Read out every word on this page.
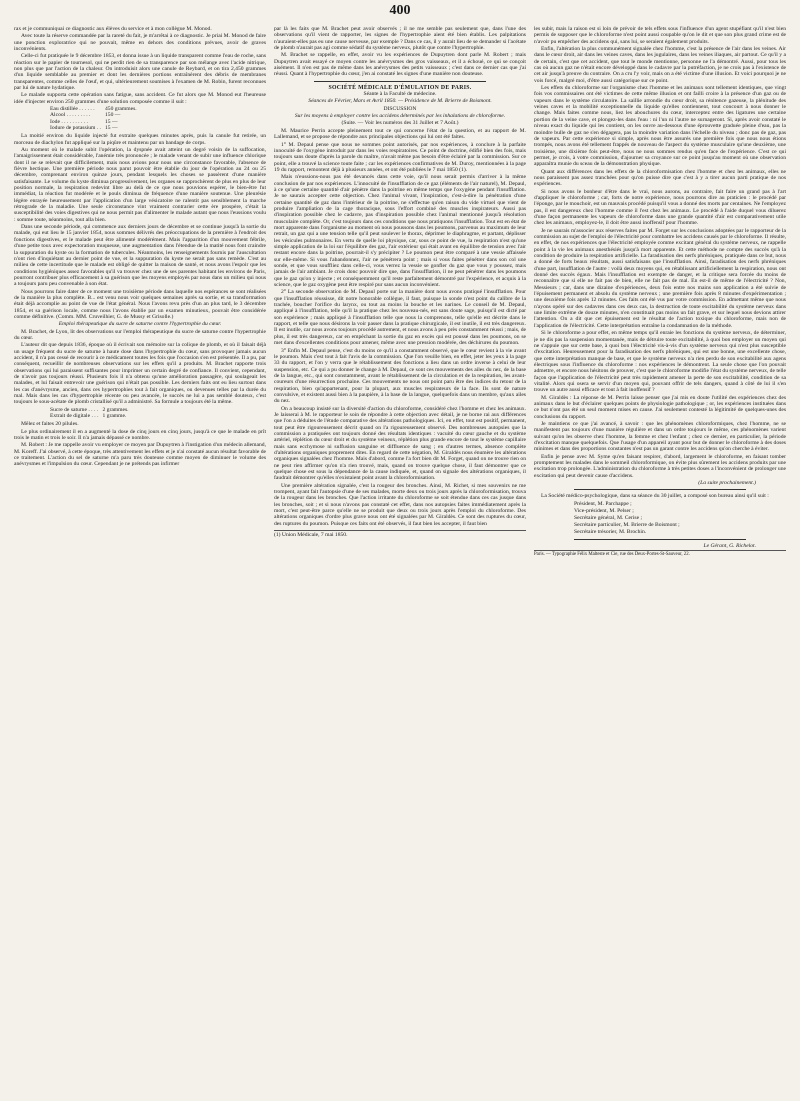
400

rax et je communiquai ce diagnostic aux élèves du service et à mon collègue M. Monod.

Avec toute la réserve commandée par la rareté du fait, je m'arrêtai à ce diagnostic. Je priai M. Monod de faire une ponction exploratrice qui ne pouvait, même en dehors des conditions prévues, avoir de graves inconvénients.

Celle-ci fut pratiquée le 9 décembre 1853, et donna issue à un liquide transparent comme l'eau de roche, sans réaction sur le papier de tournesol, qui ne perdit rien de sa transparence par son mélange avec l'acide nitrique, non plus que par l'action de la chaleur. On introduisit alors une canule de Reybard, et on tira 2,450 grammes d'un liquide semblable au premier et dont les dernières portions entraînèrent des débris de membranes transparentes, comme celles de l'œuf, et qui, ultérieurement soumises à l'examen de M. Robin, furent reconnues par lui de nature hydatique.

Le malade supporta cette opération sans fatigue, sans accident. Ce fut alors que M. Monod eut l'heureuse idée d'injecter environ 250 grammes d'une solution composée comme il suit :

Eau distillée . . . . . .	450 grammes.
Alcool . . . . . . . . .	150 —
Iode . . . . . . . . . .	15 —
Iodure de potassium . .	15 —

La moitié environ du liquide injecté fut extraite quelques minutes après, puis la canule fut retirée, un morceau de diachylon fut appliqué sur la piqûre et maintenu par un bandage de corps.

Au moment où le malade subit l'opération, la dyspnée avait atteint un degré voisin de la suffocation, l'amaigrissement était considérable, l'anémie très prononcée ; le malade venant de subir une influence chlorique dont il ne se relevait que difficilement, mais nous avions pour nous une circonstance favorable, l'absence de fièvre hectique. Une première période nous parut pouvoir être établie du jour de l'opération au 24 ou 25 décembre, comprenant environ quinze jours, pendant lesquels les choses se passèrent d'une manière satisfaisante. Le volume du kyste diminua progressivement, les organes se rapprochèrent de plus en plus de leur position normale, la respiration redevint libre au delà de ce que nous pouvions espérer, le bien-être fut immédiat, la réaction fut modérée et le pouls diminua de fréquence d'une manière soutenue. Une pleurésie légère enrayée heureusement par l'application d'un large vésicatoire ne ralentit pas sensiblement la marche rétrograde de la maladie. Une seule circonstance vint vraiment contrarier cette ère prospère, c'était la susceptibilité des voies digestives qui ne nous permit pas d'alimenter le malade autant que nous l'eussions voulu : somme toute, néanmoins, tout alla bien.

Dans une seconde période, qui commence aux derniers jours de décembre et se continue jusqu'à la sortie du malade, qui eut lieu le 15 janvier 1854, nous sommes délivrés des préoccupations de la première à l'endroit des fonctions digestives, et le malade peut être alimenté modérément. Mais l'apparition d'un mouvement fébrile, d'une petite toux avec expectoration muqueuse, une augmentation dans l'étendue de la matité nous font craindre la suppuration du kyste ou la formation de tubercules. Néanmoins, les renseignements fournis par l'auscultation n'ont rien d'inquiétant au dernier point de vue, et la suppuration du kyste ne serait pas sans remède. C'est au milieu de cette incertitude que le malade est obligé de quitter la maison de santé, et nous avons l'espoir que les conditions hygiéniques assez favorables qu'il va trouver chez une de ses parentes habitant les environs de Paris, pourront contribuer plus efficacement à sa guérison que les moyens employés par nous dans un milieu qui nous a toujours paru peu convenable à son état.

Nous pourrons faire dater de ce moment une troisième période dans laquelle nos espérances se sont réalisées de la manière la plus complète. B... est venu nous voir quelques semaines après sa sortie, et sa transformation était déjà accomplie au point de vue de l'état général. Nous l'avons revu près d'un an plus tard, le 3 décembre 1854, et sa guérison locale, comme nous l'avons établie par un examen minutieux, pouvait être considérée comme définitive. (Comm. MM. Cruveilhier, G. de Mussy et Grisolle.)

Emploi thérapeutique du sucre de saturne contre l'hypertrophie du cœur.

M. Brachet, de Lyon, lit des observations sur l'emploi thérapeutique du sucre de saturne contre l'hypertrophie du cœur.

L'auteur dit que depuis 1836, époque où il écrivait son mémoire sur la colique de plomb, et où il faisait déjà un usage fréquent du sucre de saturne à haute dose dans l'hypertrophie du cœur, sans provoquer jamais aucun accident, il n'a pas cessé de recourir à ce médicament toutes les fois que l'occasion s'en est présentée. Il a pu, par conséquent, recueillir de nombreuses observations sur les effets qu'il a produits. M. Brachet rapporte trois observations qui lui paraissent suffisantes pour imprimer un certain degré de confiance. Il convient, cependant, de n'avoir pas toujours réussi. Plusieurs fois il n'a obtenu qu'une amélioration passagère, qui soulageait les malades, et lui faisait entrevoir une guérison qui n'était pas possible. Les derniers faits ont eu lieu surtout dans les cas d'anévrysme, ancien, dans ces hypertrophies tout à fait organiques, ou devenues telles par la durée du mal. Mais dans les cas d'hypertrophie récente ou peu avancée, le succès ne lui a pas semblé douteux, c'est toujours le sous-acétate de plomb cristallisé qu'il a administré. Sa formule a toujours été la même.

Sucre de saturne . . . .	2 grammes.
Extrait de digitale . . .	1 gramme.

Mêlez et faites 20 pilules.

Le plus ordinairement il en a augmenté la dose de cinq jours en cinq jours, jusqu'à ce que le malade en prît trois le matin et trois le soir. Il n'a jamais dépassé ce nombre.

M. Robert : Je me rappelle avoir vu employer ce moyen par Dupuytren à l'instigation d'un médecin allemand, M. Koreff. J'ai observé, à cette époque, très attentivement les effets et je n'ai constaté aucun résultat favorable de ce traitement. L'action du sel de saturne m'a paru très douteuse comme moyen de diminuer le volume des anévrysmes et l'impulsion du cœur. Cependant je ne prétends pas infirmer

par là les faits que M. Brachet peut avoir observés ; il ne me semble pas seulement que, dans l'une des observations qu'il vient de rapporter, les signes de l'hypertrophie aient été bien établis. Les palpitations n'auraient-elles pas eu une cause nerveuse, par exemple ? Dans ce cas, il y aurait lieu de se demander si l'acétate de plomb n'aurait pas agi comme sédatif du système nerveux, plutôt que contre l'hypertrophie.

M. Brachet se rappelle, en effet, avoir vu les expériences de Dupuytren dont parle M. Robert ; mais Dupuytren avait essayé ce moyen contre les anévrysmes des gros vaisseaux, et il a échoué, ce qui se conçoit aisément. Il n'en est pas de même dans les anévrysmes des petits vaisseaux ; c'est dans ce dernier cas que j'ai réussi. Quant à l'hypertrophie du cœur, j'en ai constaté les signes d'une manière non douteuse.

SOCIÉTÉ MÉDICALE D'ÉMULATION DE PARIS.

Séante à la Faculté de médecine.

Séances de Février, Mars et Avril 1850. — Présidence de M. Brierre de Boismont.

DISCUSSION

Sur les moyens à employer contre les accidens déterminés par les inhalations de chloroforme.

(Suite. — Voir les numéros des 31 Juillet et 7 Août.)

M. Maurice Perrin accepte pleinement tout ce qui concerne l'état de la question, et au rapport de M. Lallemand, et se propose de répondre aux principales objections qui lui ont été faites.

1° M. Depaul pense que nous ne sommes point autorisés, par nos expériences, à conclure à la parfaite innocuité de l'oxygène introduit par dans les voies respiratoires. Ce point de doctrine, édifié bien des fois, mais toujours sans doute d'après la parole du maître, n'avait même pas besoin d'être éclairé par la commission. Sur ce point, elle a trouvé la science toute faite ; car les expériences confirmatives de M. Duroy, mentionnées à la page 19 du rapport, remontent déjà à plusieurs années, et ont été publiées le 7 mai 1850 (1).

Mais n'eussions-nous pas été devancés dans cette voie, qu'il nous serait permis d'arriver à la même conclusion de par nos expériences. L'innocuité de l'insufflation de ce gaz (éléments de l'air naturel), M. Depaul, à ce qu'une certaine quantité d'air pénètre dans la poitrine en même temps que l'oxygène pendant l'insufflation. Je ne saurais accepter cette objection. Chez l'animal vivant, l'inspiration, c'est-à-dire la pénétration d'une certaine quantité de gaz dans l'intérieur de la poitrine, ne s'effectue qu'en raison du vide virtuel que vient de produire l'ampliation de la cage thoracique, sous l'effort combiné des muscles inspirateurs. Aussi pas d'inspiration possible chez le cadavre, pas d'inspiration possible chez l'animal mentionné jusqu'à résolution musculaire complète. Or, c'est toujours dans ces conditions que nous pratiquons l'insufflation. Tout est en état de mort apparente dans l'organisme au moment où nous poussons dans les poumons, parvenus au maximum de leur retrait, un gaz qui a une tension telle qu'il peut soulever le thorax, déprimer le diaphragme, et partant, déplisser les vésicules pulmonaires. En vertu de quelle loi physique, car, sous ce point de vue, la respiration n'est qu'une simple application de la loi sur l'équilibre des gaz, l'air extérieur qui était avant en équilibre de tension avec l'air restant encore dans la poitrine, pourrait-il s'y précipiter ? Le poumon peut être comparé à une vessie affaissée sur elle-même. Si vous l'abandonnez, l'air ne pénétrera point ; mais si vous faites pénétrer dans son col une sonde, et que vous souffliez dans celle-ci, vous verrez la vessie se gonfler du gaz que vous y poussez, mais jamais de l'air ambiant. Je crois donc pouvoir dire que, dans l'insufflation, il ne peut pénétrer dans les poumons que le gaz qu'on y injecte ; et conséquemment qu'il reste parfaitement démontré par l'expérience, et acquis à la science, que le gaz oxygène peut être respiré pur sans aucun inconvénient.

2° La seconde observation de M. Depaul porte sur la manière dont nous avons pratiqué l'insufflation. Pour que l'insufflation réussisse, dit notre honorable collègue, il faut, puisque la sonde n'est point du calibre de la trachée, boucher l'orifice du larynx, ou tout au moins la bouche et les narines. Le conseil de M. Depaul, appliqué à l'insufflation, telle qu'il la pratique chez les nouveau-nés, est sans doute sage, puisqu'il est dicté par son expérience ; mais appliqué à l'insufflation telle que nous la comprenons, telle qu'elle est décrite dans le rapport, et telle que nous désirons la voir passer dans la pratique chirurgicale, il est inutile, il est très dangereux. Il est inutile, car nous avons toujours procédé autrement, et nous avons à peu près constamment réussi ; mais, de plus, il est très dangereux, car en empêchant la sortie du gaz en excès qui est poussé dans les poumons, on se met dans d'excellentes conditions pour amener, même avec une pression modérée, des déchirures du poumon.

3° Enfin M. Depaul pense, c'est du moins ce qu'il a constamment observé, que le cœur revient à la vie avant le poumon. Mais c'est tout à fait l'avis de la commission. Que l'on veuille bien, en effet, jeter les yeux à la page 33 du rapport, et l'on y verra que le rétablissement des fonctions a lieu dans un ordre inverse à celui de leur suspension, etc. Ce qui a pu donner le change à M. Depaul, ce sont ces mouvements des ailes du nez, de la base de la langue, etc., qui sont constamment, avant le rétablissement de la circulation et de la respiration, les avant-coureurs d'une résurrection prochaine. Ces mouvements ne nous ont point paru être des indices du retour de la respiration, bien qu'appartenant, pour la plupart, aux muscles respirateurs de la face. Ils sont de nature convulsive, et existent aussi bien à la paupière, à la base de la langue, quelquefois dans un membre, qu'aux ailes du nez.

On a beaucoup insisté sur la diversité d'action du chloroforme, considéré chez l'homme et chez les animaux. Je laisserai à M. le rapporteur le soin de répondre à cette objection avec détail, je ne borne rai aux différences que l'on a déduites de l'étude comparative des altérations pathologiques. Ici, en effet, tout est positif, permanent, tout peut être rigoureusement décrit quand on l'a rigoureusement observé. Des nombreuses autopsies que la commission a pratiquées ont toujours donné des résultats identiques : vacuité du cœur gauche et du système artériel, réplétion du cœur droit et du système veineux, réplétion plus grande encore de tout le système capillaire mais sans ecchymose ni suffusion sanguine et diffluence de sang ; en d'autres termes, absence complète d'altérations organiques proprement dites. En regard de cette négation, M. Giraldès nous énumère les altérations organiques signalées chez l'homme. Mais d'abord, comme l'a fort bien dit M. Forget, quand on ne trouve rien on ne peut rien affirmer qu'on n'a rien trouvé, mais, quand on trouve quelque chose, il faut démontrer que ce quelque chose est sous la dépendance de la cause indiquée, et, quand on signale des altérations organiques, il faudrait démontrer qu'elles n'existaient point avant la chloroformisation.

Une première altération signalée, c'est la rougeur des bronches. Ainsi, M. Richet, si mes souvenirs ne me trompent, ayant fait l'autopsie d'une de ses malades, morte deux ou trois jours après la chloroformisation, trouva de la rougeur dans les bronches. Que l'action irritante du chloroforme se soit étendue dans ces cas jusque dans les bronches, soit ; et si nous n'avons pas constaté cet effet, dans nos autopsies faites immédiatement après la mort, c'est peut-être parce qu'elle ne se produit que deux ou trois jours après l'emploi du chloroforme. Des altérations organiques d'ordre plus grave nous ont été signalées par M. Giraldès. Ce sont des ruptures du cœur, des ruptures du poumon. Puisque ces faits ont été observés, il faut bien les accepter, il faut bien

(1) Union Médicale, 7 mai 1850.

les subir, mais la raison est si loin de prévoir de tels effets sous l'influence d'un agent stupéfiant qu'il n'est bien permis de supposer que le chloroforme n'est point aussi coupable qu'on le dit et que son plus grand crime est de n'avoir pu empêcher des accidens qui, sans lui, se seraient également produits.

Enfin, l'altération la plus communément signalée chez l'homme, c'est la présence de l'air dans les veines. Air dans le cœur droit, air dans les veines caves, dans les jugulaires, dans les veines iliaques, air partout. Ce qu'il y a de certain, c'est que cet accident, que tout le monde mentionne, personne ne l'a démontré. Aussi, pour tous les cas où aucun gaz ne n'était encore développé dans le cadavre par la putréfaction, je ne crois pas à l'existence de cet air jusqu'à preuve du contraire. On a cru l'y voir, mais on a été victime d'une illusion. Et voici pourquoi je ne vois forcé, malgré moi, d'être aussi catégorique sur ce point.

Les effets du chloroforme sur l'organisme chez l'homme et les animaux sont tellement identiques, que vingt fois vos commissaires ont été victimes de cette même illusion et ont failli croire à la présence d'un gaz ou de vapeurs dans le système circulatoire. La saillie arrondie du cœur droit, sa rénitence gazeuse, la plénitude des veines caves et la mobilité exceptionnelle du liquide qu'elles contiennent, tout concourt à nous donner le change. Mais faites comme nous, liez les abouchures du cœur, interceptez entre des ligatures une certaine portion de la veine cave, et plongez-les dans l'eau : ni l'un ni l'autre ne surnageront. Si, après avoir constaté le niveau exact du liquide qui les contient, on les ouvre au-dessous d'une éprouvette graduée pleine d'eau, pas la moindre bulle de gaz ne s'en dégagera, pas la moindre variation dans l'échelle du niveau ; donc pas de gaz, pas de vapeurs. Par cette expérience si simple, après nous être assurés une première fois que nous nous étions trompés, nous avons été tellement frappés de nouveau de l'aspect du système musculaire qu'une deuxième, une troisième, une dixième fois peut-être, nous ne nous sommes rendus qu'en face de l'expérience. C'est ce qui permet, je crois, à votre commission, d'ajourner sa croyance sur ce point jusqu'au moment où une observation apparaîtra munie du sceau de la démonstration physique.

Quant aux différences dans les effets de la chloroformisation chez l'homme et chez les animaux, elles ne nous paraissent pas assez tranchées pour qu'on puisse dire que c'est à y a tirer aucun parti pratique de nos expériences.

Si nous avons le bonheur d'être dans le vrai, nous aurons, au contraire, fait faire un grand pas à l'art d'appliquer le chloroforme ; car, forts de notre expérience, nous pourrons dire au praticien : le procédé par l'éponge, par le mouchoir, est un mauvais procédé puisqu'il vous a donné des morts par centaines. Ne l'employez pas, il est dangereux chez l'homme comme il l'est chez les animaux. Le procédé à l'aide duquel vous diluerez d'une façon permanente les vapeurs de chloroforme dans une grande quantité d'air est comparativement utile chez les animaux, employez-le, il doit être aussi inoffensif pour l'homme.

Je ne saurais m'associer aux réserves faites par M. Forget sur les conclusions adoptées par le rapporteur de la commission au sujet de l'emploi de l'électricité pour combattre les accidens causés par le chloroforme. Il résulte, en effet, de nos expériences que l'électricité employée comme excitant général du système nerveux, ne rappelle point à la vie les animaux anesthésiés jusqu'à mort apparente. Et cette méthode ne compte des succès qu'à la condition de produire la respiration artificielle. La faradisation des nerfs phréniques, pratiquée dans ce but, nous a donné de forts beaux résultats, aussi satisfaisans que l'insufflation. Ainsi, faradisation des nerfs phréniques d'une part, insufflation de l'autre : voilà deux moyens qui, en rétablissant artificiellement la respiration, nous ont donné des succès égaux. Mais l'insufflation est exempte de danger, et la critique sera forcée du moins de reconnaître que si elle ne fait pas de bien, elle ne fait pas de mal. En est-il de même de l'électricité ? Non, Messieurs ; car, dans une dizaine d'expériences, deux fois entre nos mains son application a été suivie de l'épuisement permanent et absolu du système nerveux ; une première fois après 8 minutes d'expérimentation ; une deuxième fois après 12 minutes. Ces faits ont été vus par votre commission. En admettant même que nous n'ayons opéré sur des cadavres dans ces deux cas, la destruction de toute excitabilité du système nerveux dans une limite extrême de douze minutes, n'en constituait pas moins un fait grave, et sur lequel nous devions attirer l'attention. On a dit que cet épuisement est le résultat de l'action toxique du chloroforme, mais non de l'application de l'électricité. Cette interprétation entraîne la condamnation de la méthode.

Si le chloroforme a pour effet, en même temps qu'il enraie les fonctions du système nerveux, de déterminer, je ne dis pas la suspension momentanée, mais de détruire toute excitabilité, à quoi bon employer un moyen qui ne s'appuie que sur cette base, à quoi bon l'électricité vis-à-vis d'un système nerveux qui n'est plus susceptible d'excitation. Heureusement pour la faradisation des nerfs phréniques, qui est une bonne, une excellente chose, que cette interprétation manque de base, et que le système nerveux n'a rien perdu de son excitabilité aux agens électriques sous l'influence du chloroforme : nos expériences le démontrent. La seule chose que l'on pouvait admettre, et encore nous hésitons de prouver, c'est que le chloroforme modifie l'état du système nerveux, de telle façon que l'application de l'électricité peut très rapidement amener la perte de son excitabilité, condition de sa vitalité. Alors qui osera se servir d'un moyen qui, pouvant offrir de tels dangers, quand à côté de lui il s'en trouve un autre aussi efficace et tout à fait inoffensif ?

M. Giraldès : La réponse de M. Perrin laisse penser que j'ai mis en doute l'utilité des expériences chez des animaux dans le but d'éclairer quelques points de physiologie pathologique ; or, les expériences instituées dans ce but n'ont pas été un seul moment mises en cause. J'ai seulement contesté la légitimité de quelques-unes des conclusions du rapport.

Je maintiens ce que j'ai avancé, à savoir : que les phénomènes chloroformiques, chez l'homme, ne se manifestent pas toujours d'une manière régulière et dans un ordre toujours le même, ces phénomènes varient suivant qu'on les observe chez l'homme, la femme et chez l'enfant ; chez ce dernier, en particulier, la période d'excitation manque quelquefois. Que l'usage d'un appareil ayant pour but de donner le chloroforme à des doses minimes et dans des proportions constantes n'est pas un garant contre les accidens qu'on cherche à éviter.

Enfin je pense avec M. Syme qu'en faisant respirer, d'abord, largement le chloroforme, en faisant tomber promptement les malades dans le sommeil chloroformique, on évite plus sûrement les accidens produits par une excitation trop prolongée. L'administration du chloroforme à très petites doses a l'inconvénient de prolonger une excitation qui peut devenir cause d'accidens.

(La suite prochainement.)

La Société médico-psychologique, dans sa séance du 30 juillet, a composé son bureau ainsi qu'il suit :

Président, M. Parchappe ;
Vice-président, M. Pelser ;
Secrétaire général, M. Cerise ;
Secrétaire particulier, M. Brierre de Boismont ;
Secrétaire trésorier, M. Brochin.

Le Gérant, G. Richelot.

Paris. — Typographie Félix Malteste et Cie, rue des Deux-Portes-St-Sauveur, 22.
